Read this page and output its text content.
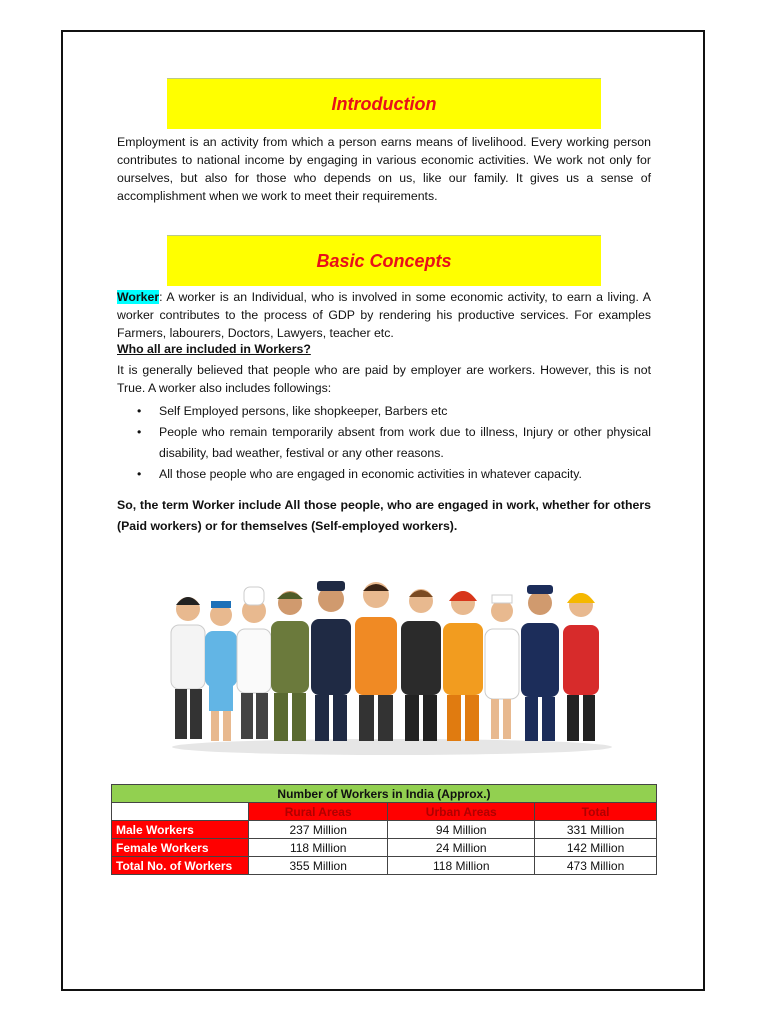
Introduction

Employment is an activity from which a person earns means of livelihood. Every working person contributes to national income by engaging in various economic activities. We work not only for ourselves, but also for those who depends on us, like our family. It gives us a sense of accomplishment when we work to meet their requirements.

Basic Concepts

Worker: A worker is an Individual, who is involved in some economic activity, to earn a living. A worker contributes to the process of GDP by rendering his productive services. For examples Farmers, labourers, Doctors, Lawyers, teacher etc.

Who all are included in Workers?

It is generally believed that people who are paid by employer are workers. However, this is not True. A worker also includes followings:

• Self Employed persons, like shopkeeper, Barbers etc
• People who remain temporarily absent from work due to illness, Injury or other physical disability, bad weather, festival or any other reasons.
• All those people who are engaged in economic activities in whatever capacity.

So, the term Worker include All those people, who are engaged in work, whether for others (Paid workers) or for themselves (Self-employed workers).

Number of Workers in India (Approx.)			
	Rural Areas	Urban Areas	Total
Male Workers	237 Million	94 Million	331 Million
Female Workers	118 Million	24 Million	142 Million
Total No. of Workers	355 Million	118 Million	473 Million
